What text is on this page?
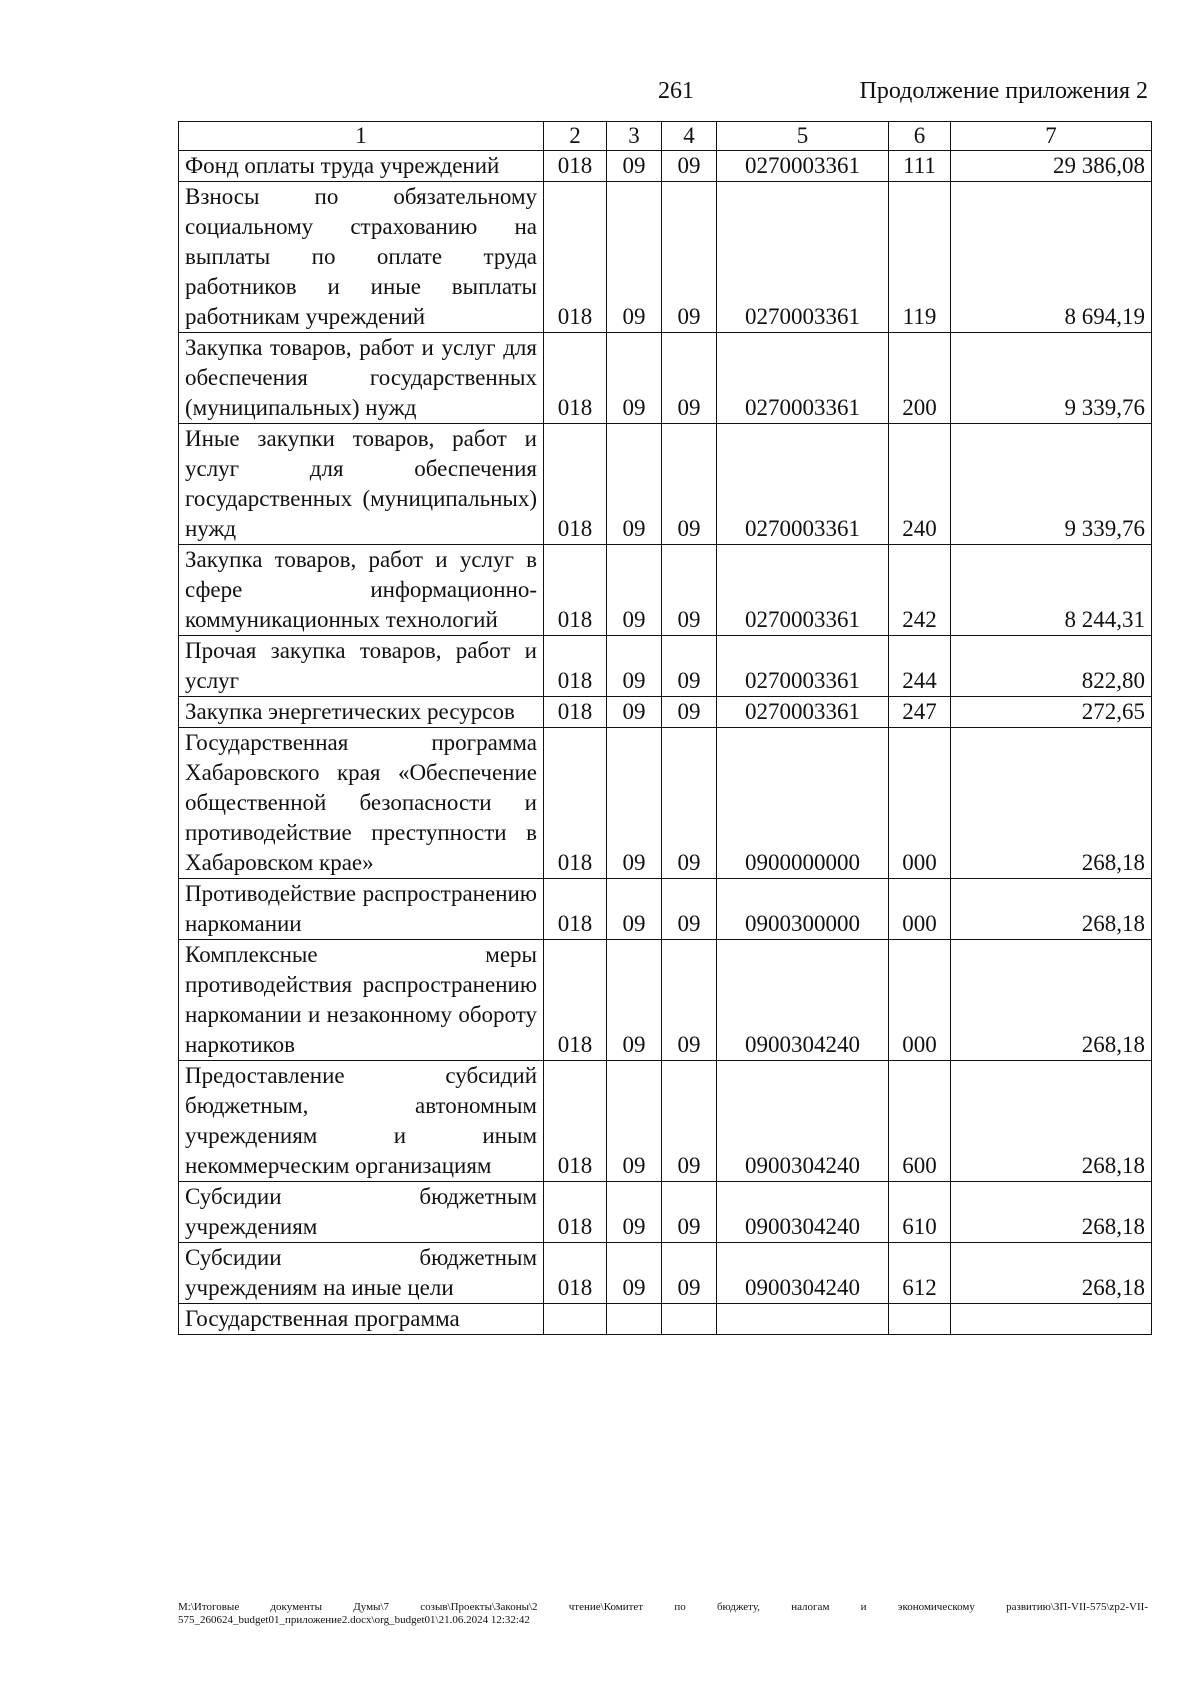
261	Продолжение приложения 2
1	2	3	4	5	6	7
Фонд оплаты труда учреждений	018	09	09	0270003361	111	29 386,08
Взносы по обязательному социальному страхованию на выплаты по оплате труда работников и иные выплаты работникам учреждений	018	09	09	0270003361	119	8 694,19
Закупка товаров, работ и услуг для обеспечения государственных (муниципальных) нужд	018	09	09	0270003361	200	9 339,76
Иные закупки товаров, работ и услуг для обеспечения государственных (муниципальных) нужд	018	09	09	0270003361	240	9 339,76
Закупка товаров, работ и услуг в сфере информационно-коммуникационных технологий	018	09	09	0270003361	242	8 244,31
Прочая закупка товаров, работ и услуг	018	09	09	0270003361	244	822,80
Закупка энергетических ресурсов	018	09	09	0270003361	247	272,65
Государственная программа Хабаровского края «Обеспечение общественной безопасности и противодействие преступности в Хабаровском крае»	018	09	09	0900000000	000	268,18
Противодействие распространению наркомании	018	09	09	0900300000	000	268,18
Комплексные меры противодействия распространению наркомании и незаконному обороту наркотиков	018	09	09	0900304240	000	268,18
Предоставление субсидий бюджетным, автономным учреждениям и иным некоммерческим организациям	018	09	09	0900304240	600	268,18
Субсидии бюджетным учреждениям	018	09	09	0900304240	610	268,18
Субсидии бюджетным учреждениям на иные цели	018	09	09	0900304240	612	268,18
Государственная программа						
M:\Итоговые документы Думы\7 созыв\Проекты\Законы\2 чтение\Комитет по бюджету, налогам и экономическому развитию\ЗП-VII-575\zp2-VII-575_260624_budget01_приложение2.docx\org_budget01\21.06.2024 12:32:42
